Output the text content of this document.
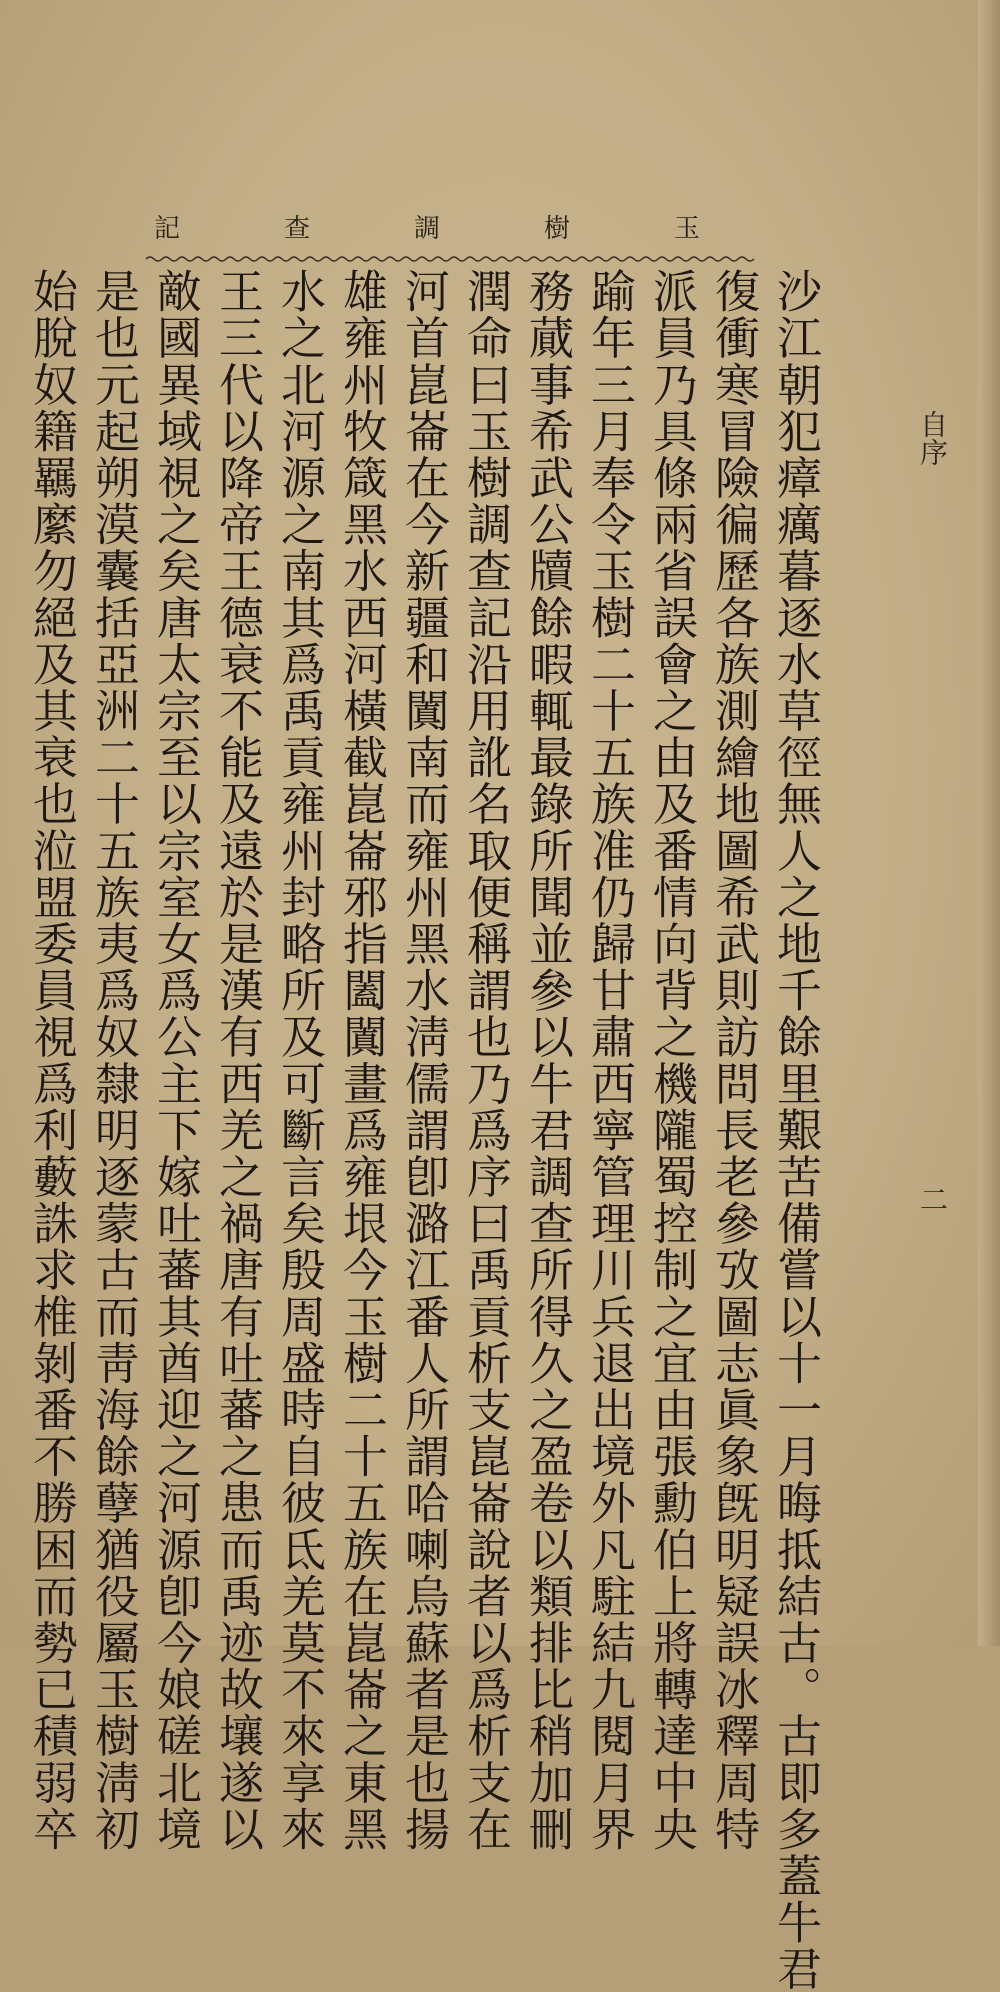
自序
二
玉
樹
調
查
記
沙江朝犯瘴癘暮逐水草徑無人之地千餘里艱苦備嘗以十一月晦抵結古。古即多蓋牛君
復衝寒冒險徧歷各族測繪地圖希武則訪問長老參攷圖志眞象旣明疑誤冰釋周特
派員乃具條兩省誤會之由及番情向背之機隴蜀控制之宜由張勳伯上將轉達中央
踰年三月奉令玉樹二十五族准仍歸甘肅西寧管理川兵退出境外凡駐結九閱月界
務蕆事希武公牘餘暇輒最錄所聞並參以牛君調查所得久之盈卷以類排比稍加刪
潤命曰玉樹調查記沿用訛名取便稱謂也乃爲序曰禹貢析支崑崙說者以爲析支在
河首崑崙在今新疆和闐南而雍州黑水淸儒謂卽潞江番人所謂哈喇烏蘇者是也揚
雄雍州牧箴黑水西河橫截崑崙邪指闔闐畫爲雍垠今玉樹二十五族在崑崙之東黑
水之北河源之南其爲禹貢雍州封略所及可斷言矣殷周盛時自彼氐羌莫不來享來
王三代以降帝王德衰不能及遠於是漢有西羌之禍唐有吐蕃之患而禹迹故壤遂以
敵國異域視之矣唐太宗至以宗室女爲公主下嫁吐蕃其酋迎之河源卽今娘磋北境
是也元起朔漠囊括亞洲二十五族夷爲奴隸明逐蒙古而靑海餘孽猶役屬玉樹淸初
始脫奴籍羈縻勿絕及其衰也涖盟委員視爲利藪誅求椎剝番不勝困而勢已積弱卒
